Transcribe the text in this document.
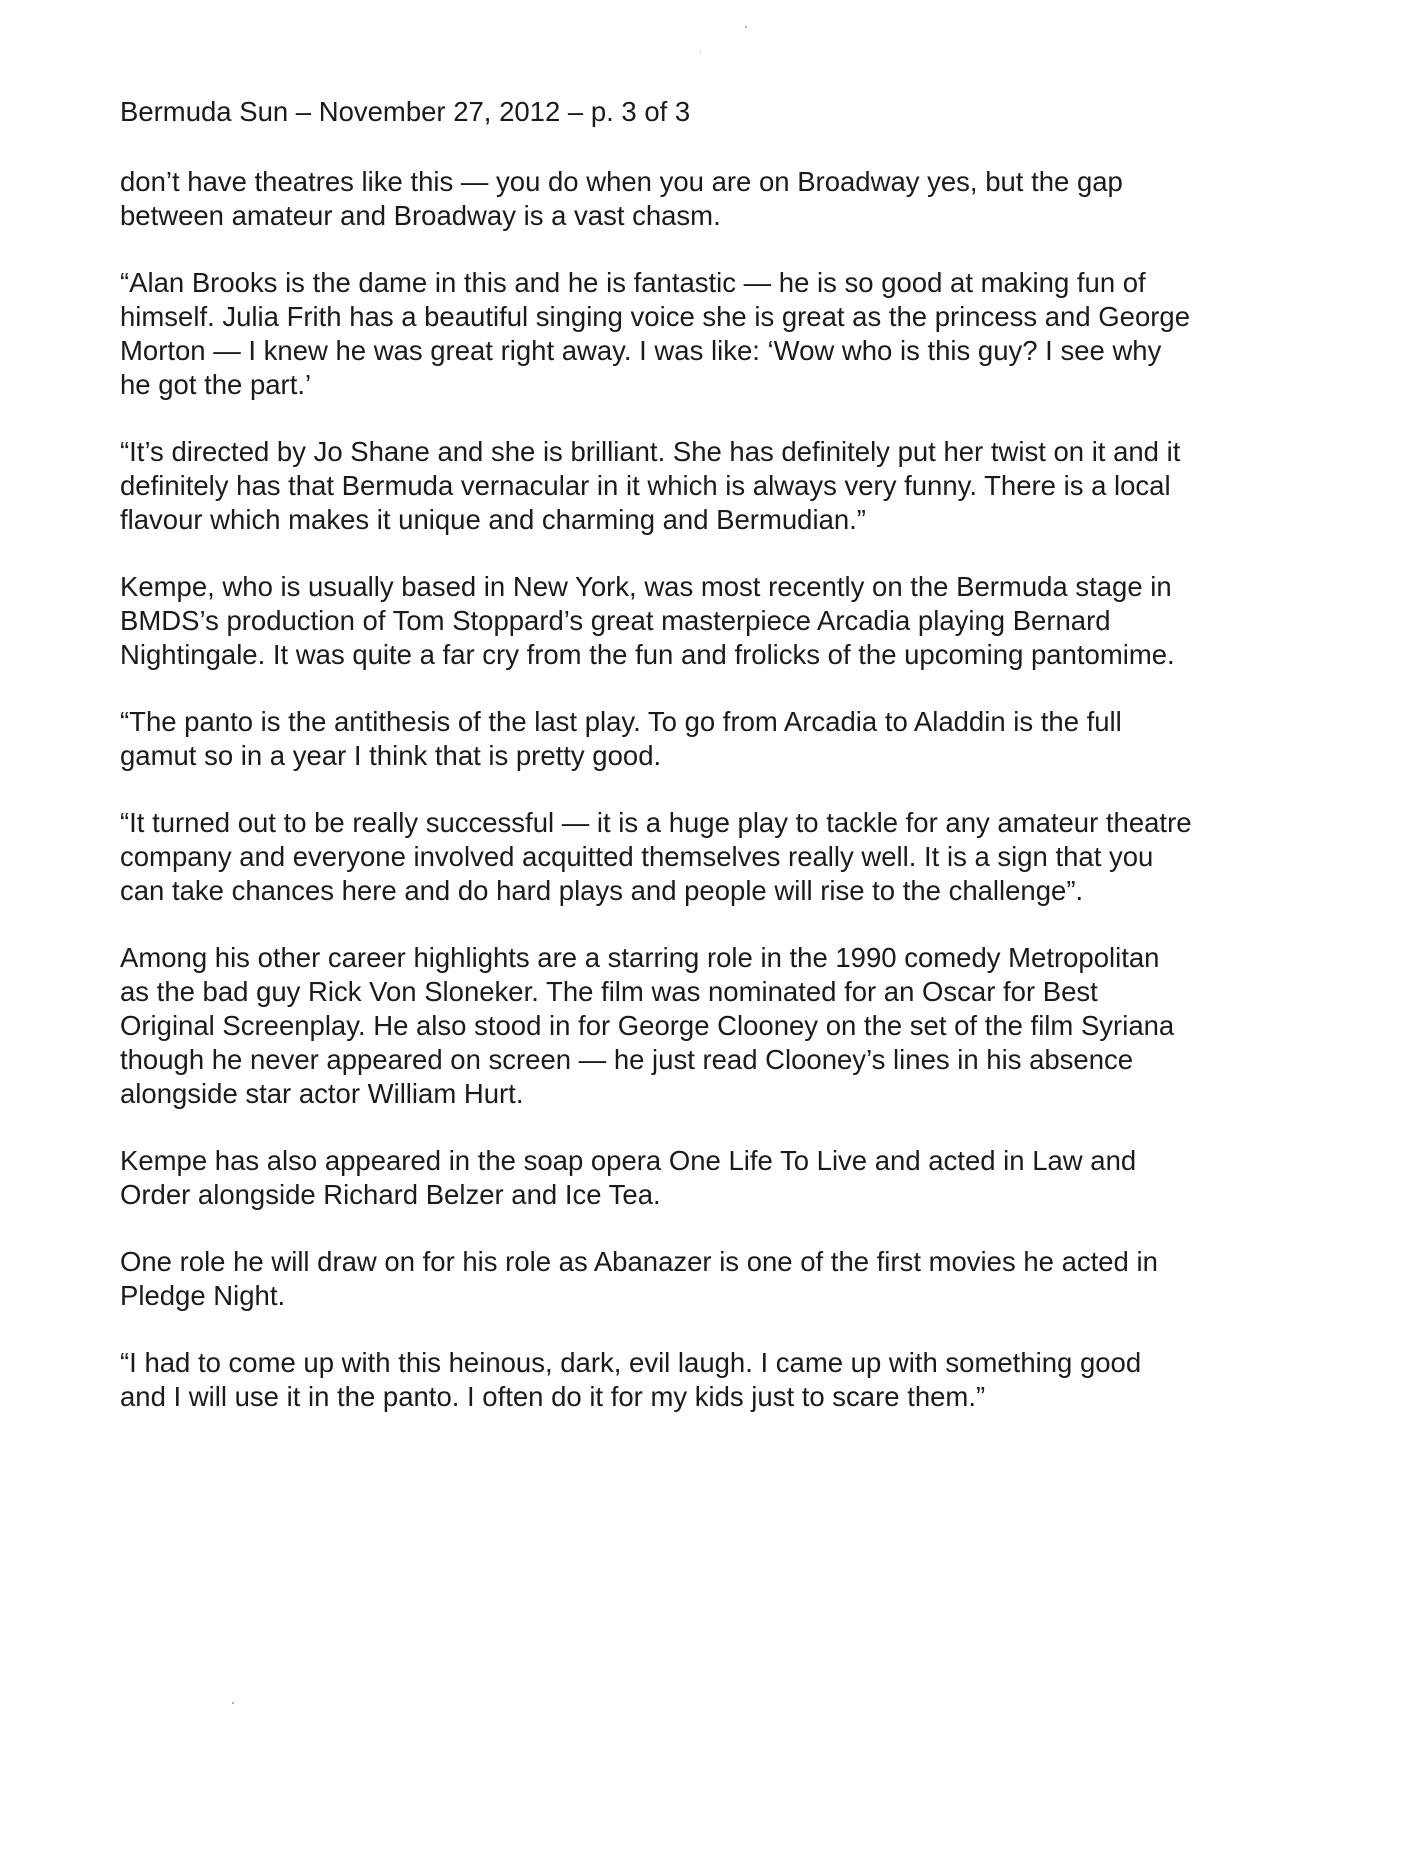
Bermuda Sun – November 27, 2012 – p. 3 of 3

don’t have theatres like this — you do when you are on Broadway yes, but the gap
between amateur and Broadway is a vast chasm.

“Alan Brooks is the dame in this and he is fantastic — he is so good at making fun of
himself. Julia Frith has a beautiful singing voice she is great as the princess and George
Morton — I knew he was great right away. I was like: ‘Wow who is this guy? I see why
he got the part.’

“It’s directed by Jo Shane and she is brilliant. She has definitely put her twist on it and it
definitely has that Bermuda vernacular in it which is always very funny. There is a local
flavour which makes it unique and charming and Bermudian.”

Kempe, who is usually based in New York, was most recently on the Bermuda stage in
BMDS’s production of Tom Stoppard’s great masterpiece Arcadia playing Bernard
Nightingale. It was quite a far cry from the fun and frolicks of the upcoming pantomime.

“The panto is the antithesis of the last play. To go from Arcadia to Aladdin is the full
gamut so in a year I think that is pretty good.

“It turned out to be really successful — it is a huge play to tackle for any amateur theatre
company and everyone involved acquitted themselves really well. It is a sign that you
can take chances here and do hard plays and people will rise to the challenge”.

Among his other career highlights are a starring role in the 1990 comedy Metropolitan
as the bad guy Rick Von Sloneker. The film was nominated for an Oscar for Best
Original Screenplay. He also stood in for George Clooney on the set of the film Syriana
though he never appeared on screen — he just read Clooney’s lines in his absence
alongside star actor William Hurt.

Kempe has also appeared in the soap opera One Life To Live and acted in Law and
Order alongside Richard Belzer and Ice Tea.

One role he will draw on for his role as Abanazer is one of the first movies he acted in
Pledge Night.

“I had to come up with this heinous, dark, evil laugh. I came up with something good
and I will use it in the panto. I often do it for my kids just to scare them.”
